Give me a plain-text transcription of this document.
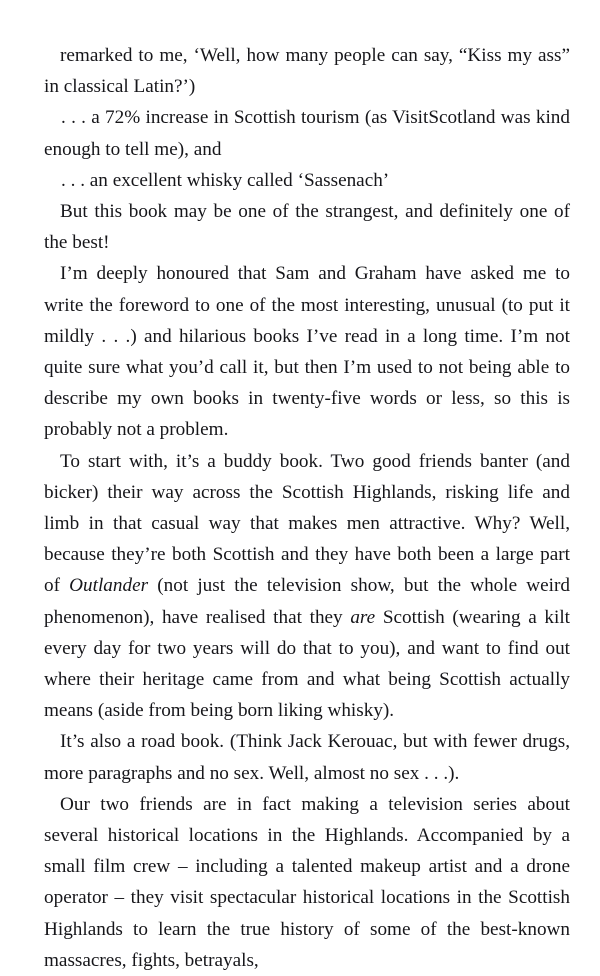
remarked to me, ‘Well, how many people can say, “Kiss my ass” in classical Latin?’)

. . . a 72% increase in Scottish tourism (as VisitScotland was kind enough to tell me), and

. . . an excellent whisky called ‘Sassenach’

But this book may be one of the strangest, and definitely one of the best!

I’m deeply honoured that Sam and Graham have asked me to write the foreword to one of the most interesting, unusual (to put it mildly . . .) and hilarious books I’ve read in a long time. I’m not quite sure what you’d call it, but then I’m used to not being able to describe my own books in twenty-five words or less, so this is probably not a problem.

To start with, it’s a buddy book. Two good friends banter (and bicker) their way across the Scottish Highlands, risking life and limb in that casual way that makes men attractive. Why? Well, because they’re both Scottish and they have both been a large part of Outlander (not just the television show, but the whole weird phenomenon), have realised that they are Scottish (wearing a kilt every day for two years will do that to you), and want to find out where their heritage came from and what being Scottish actually means (aside from being born liking whisky).

It’s also a road book. (Think Jack Kerouac, but with fewer drugs, more paragraphs and no sex. Well, almost no sex . . .).

Our two friends are in fact making a television series about several historical locations in the Highlands. Accompanied by a small film crew – including a talented makeup artist and a drone operator – they visit spectacular historical locations in the Scottish Highlands to learn the true history of some of the best-known massacres, fights, betrayals,
